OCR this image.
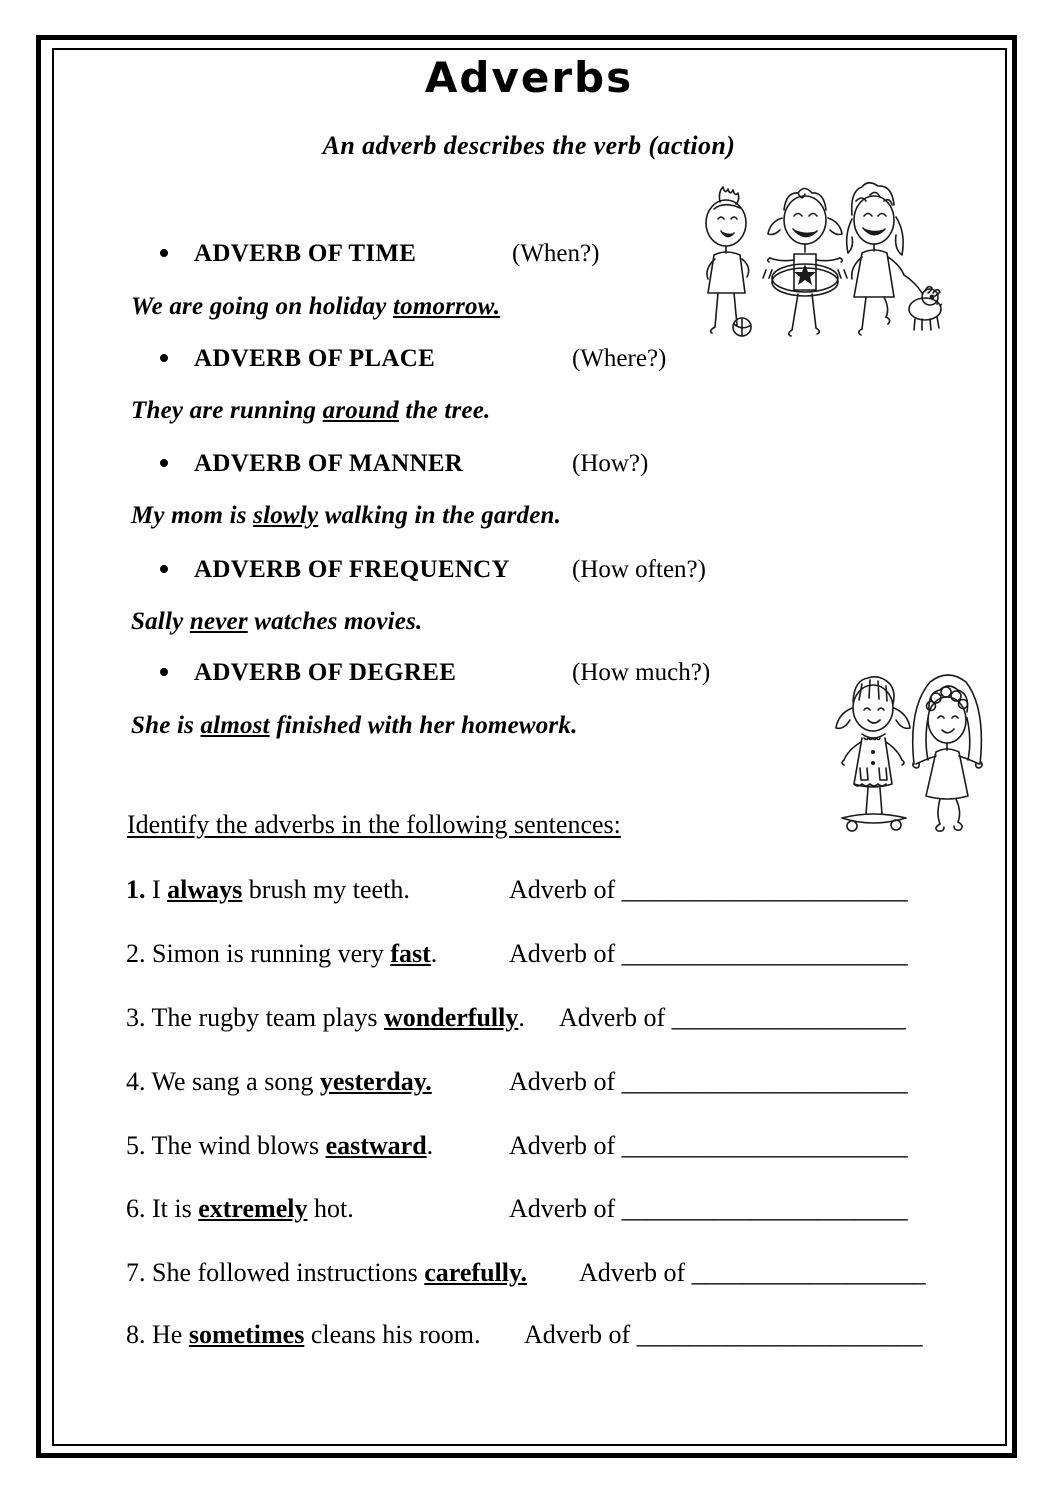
Adverbs
An adverb describes the verb (action)
ADVERB OF TIME	(When?)
We are going on holiday tomorrow.
ADVERB OF PLACE	(Where?)
They are running around the tree.
ADVERB OF MANNER	(How?)
My mom is slowly walking in the garden.
ADVERB OF FREQUENCY (How often?)
Sally never watches movies.
ADVERB OF DEGREE	(How much?)
She is almost finished with her homework.
Identify the adverbs in the following sentences:
1. I always brush my teeth.	Adverb of ______________________
2. Simon is running very fast.	Adverb of ______________________
3. The rugby team plays wonderfully. Adverb of __________________
4. We sang a song yesterday.	Adverb of ______________________
5. The wind blows eastward.	Adverb of ______________________
6. It is extremely hot.	Adverb of ______________________
7. She followed instructions carefully. Adverb of __________________
8. He sometimes cleans his room. Adverb of ______________________
